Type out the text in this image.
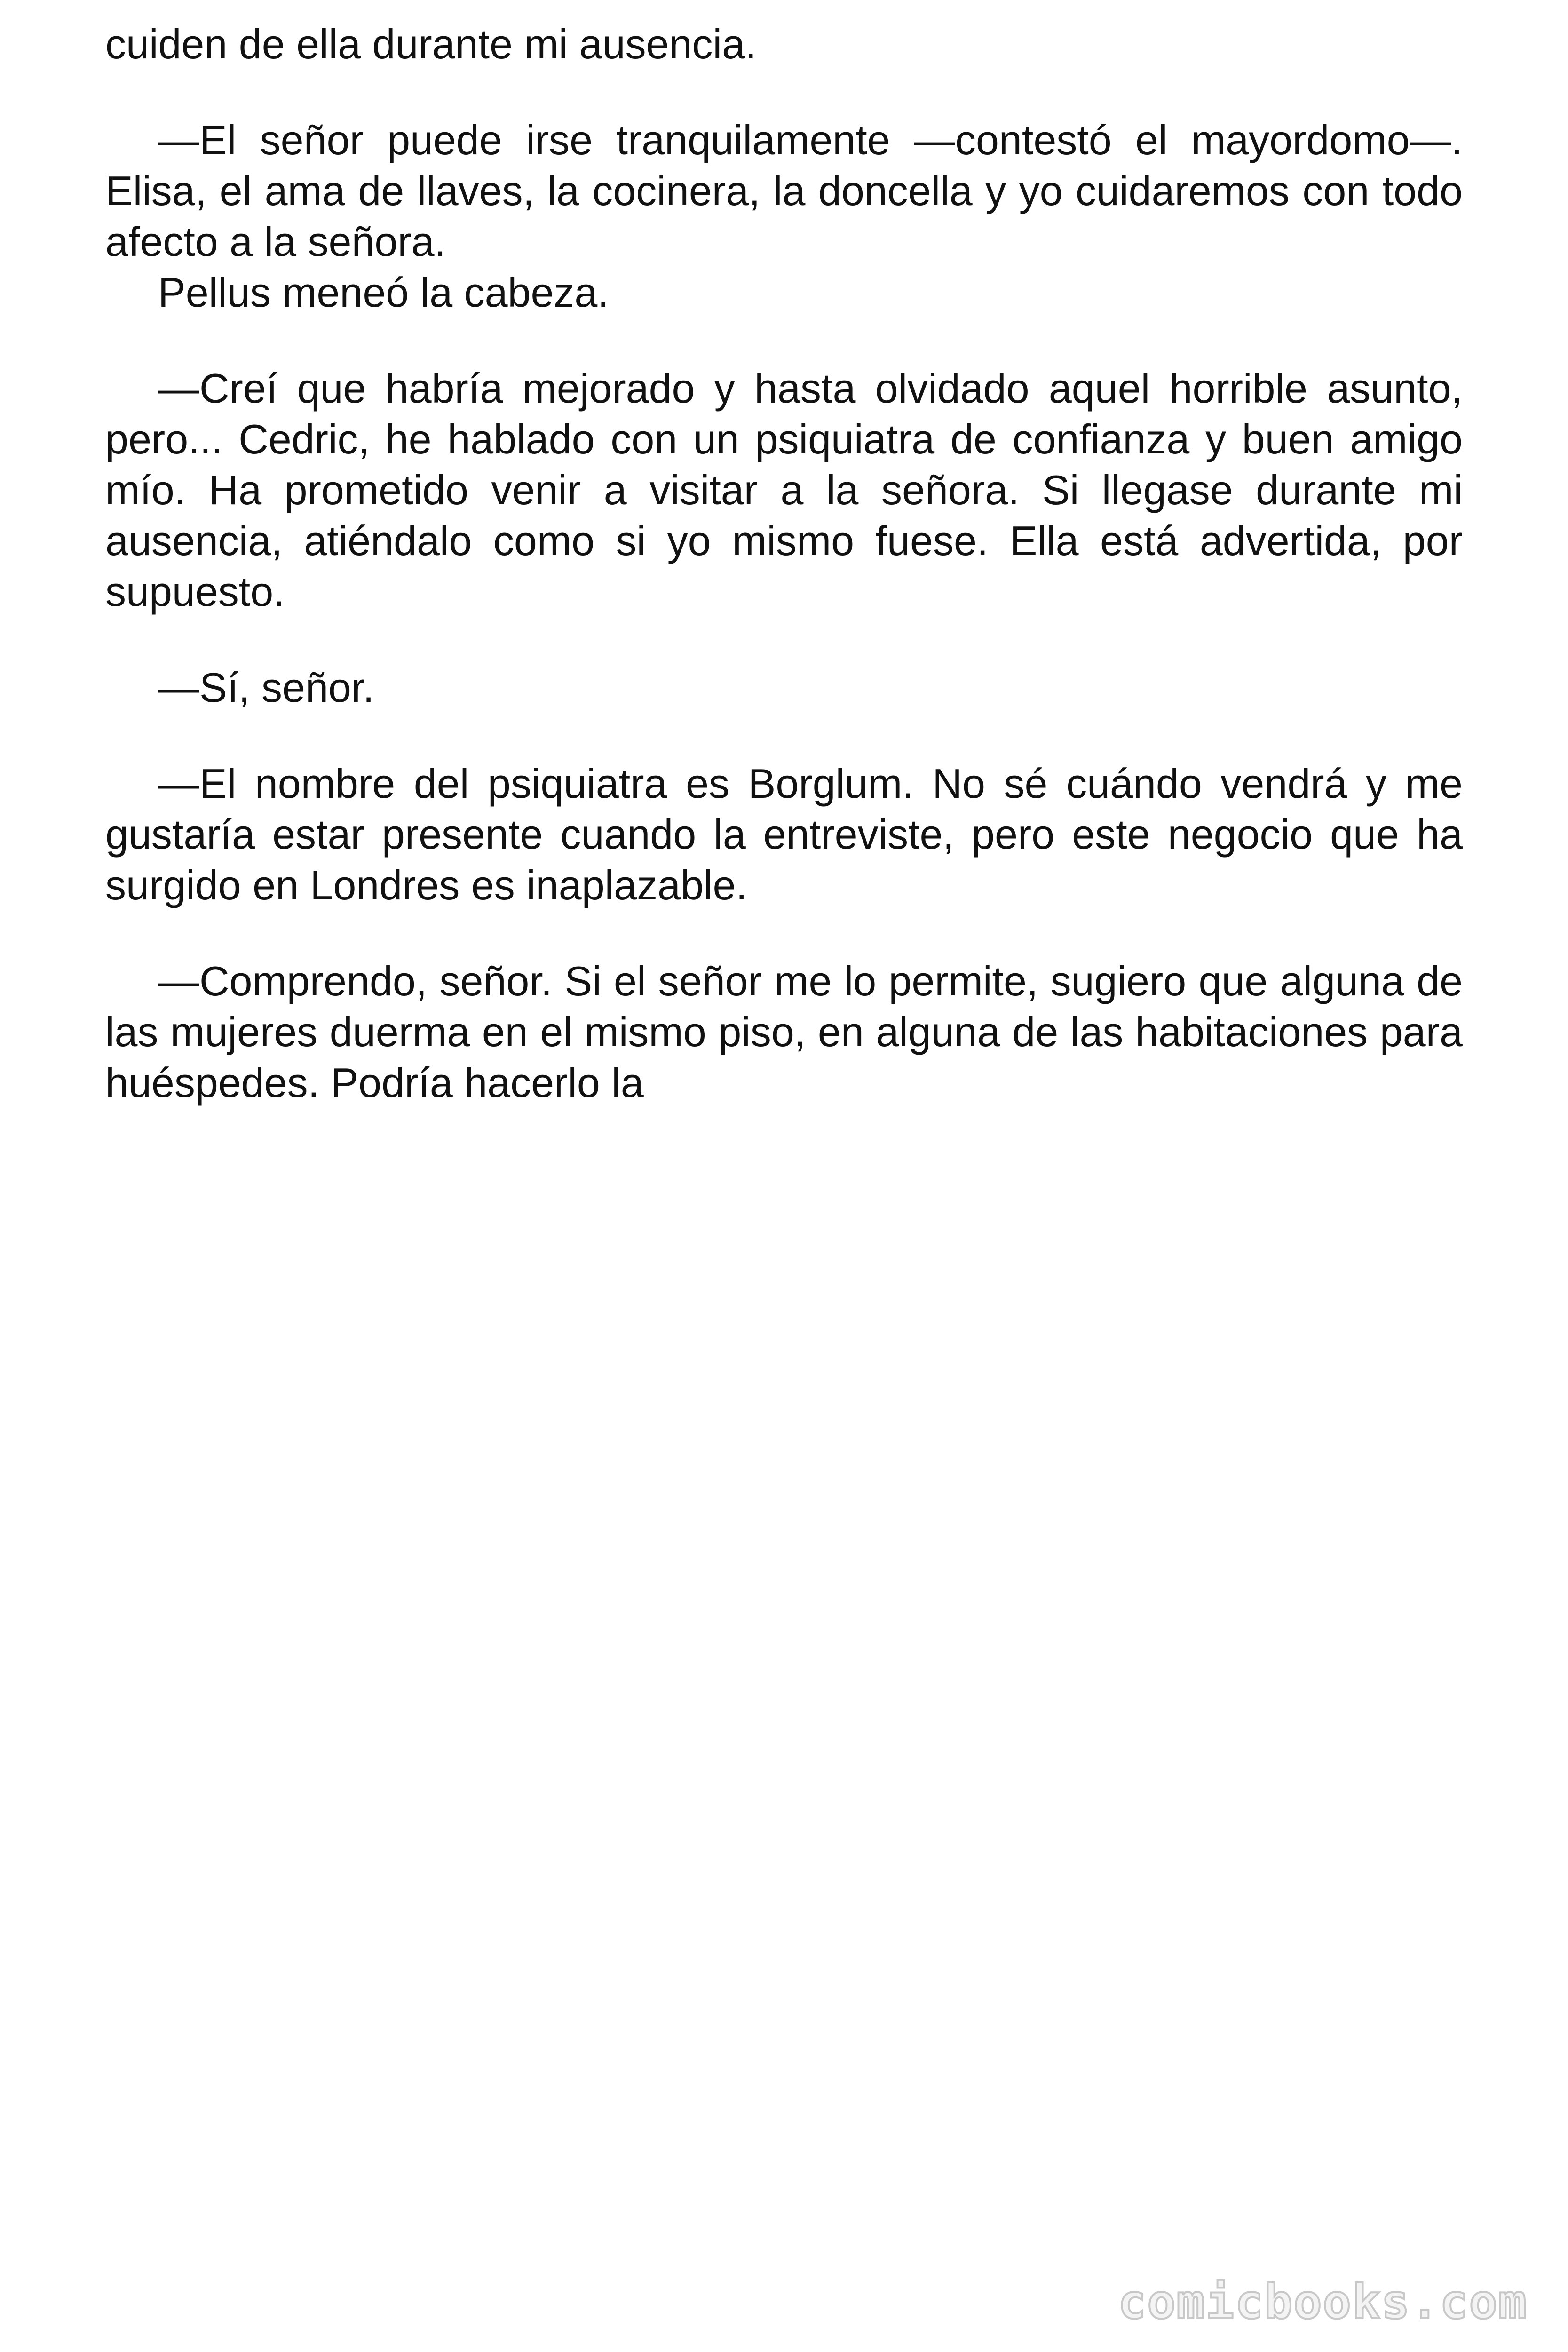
cuiden de ella durante mi ausencia.

—El señor puede irse tranquilamente —contestó el mayordomo—. Elisa, el ama de llaves, la cocinera, la doncella y yo cuidaremos con todo afecto a la señora.

Pellus meneó la cabeza.

—Creí que habría mejorado y hasta olvidado aquel horrible asunto, pero... Cedric, he hablado con un psiquiatra de confianza y buen amigo mío. Ha prometido venir a visitar a la señora. Si llegase durante mi ausencia, atiéndalo como si yo mismo fuese. Ella está advertida, por supuesto.

—Sí, señor.

—El nombre del psiquiatra es Borglum. No sé cuándo vendrá y me gustaría estar presente cuando la entreviste, pero este negocio que ha surgido en Londres es inaplazable.

—Comprendo, señor. Si el señor me lo permite, sugiero que alguna de las mujeres duerma en el mismo piso, en alguna de las habitaciones para huéspedes. Podría hacerlo la

comicbooks.com
